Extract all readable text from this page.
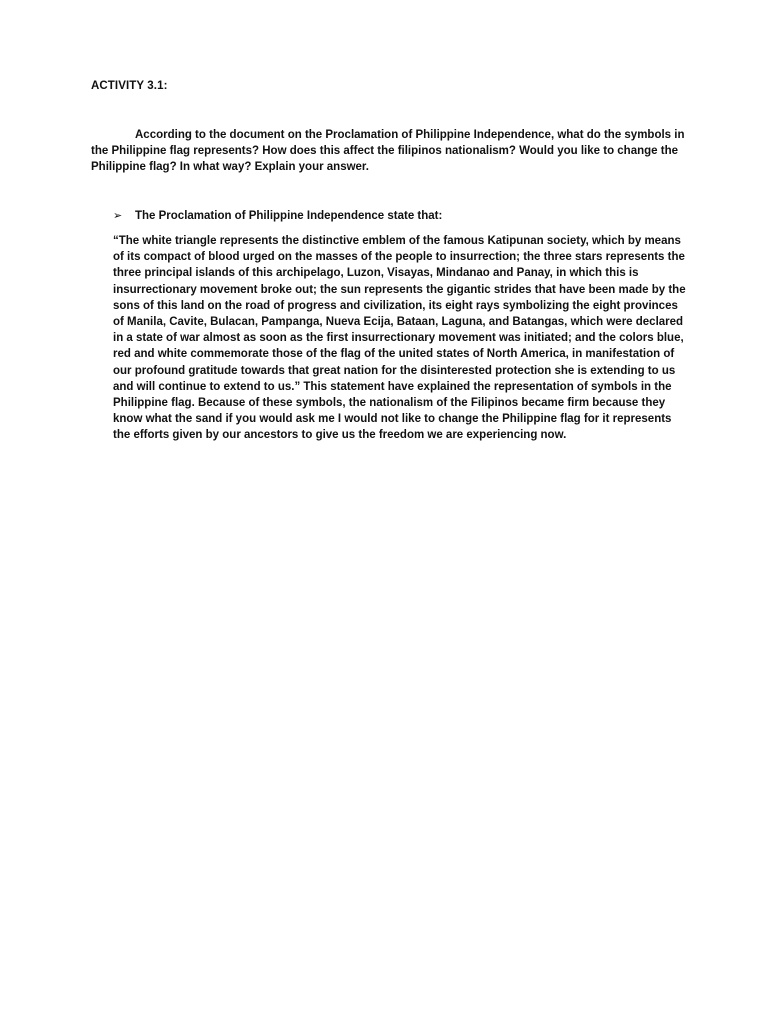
ACTIVITY 3.1:

According to the document on the Proclamation of Philippine Independence, what do the symbols in the Philippine flag represents? How does this affect the filipinos nationalism? Would you like to change the Philippine flag? In what way? Explain your answer.

➢	The Proclamation of Philippine Independence state that:

“The white triangle represents the distinctive emblem of the famous Katipunan society, which by means of its compact of blood urged on the masses of the people to insurrection; the three stars represents the three principal islands of this archipelago, Luzon, Visayas, Mindanao and Panay, in which this is insurrectionary movement broke out; the sun represents the gigantic strides that have been made by the sons of this land on the road of progress and civilization, its eight rays symbolizing the eight provinces of Manila, Cavite, Bulacan, Pampanga, Nueva Ecija, Bataan, Laguna, and Batangas, which were declared in a state of war almost as soon as the first insurrectionary movement was initiated; and the colors blue, red and white commemorate those of the flag of the united states of North America, in manifestation of our profound gratitude towards that great nation for the disinterested protection she is extending to us and will continue to extend to us.” This statement have explained the representation of symbols in the Philippine flag. Because of these symbols, the nationalism of the Filipinos became firm because they know what the sand if you would ask me I would not like to change the Philippine flag for it represents the efforts given by our ancestors to give us the freedom we are experiencing now.
